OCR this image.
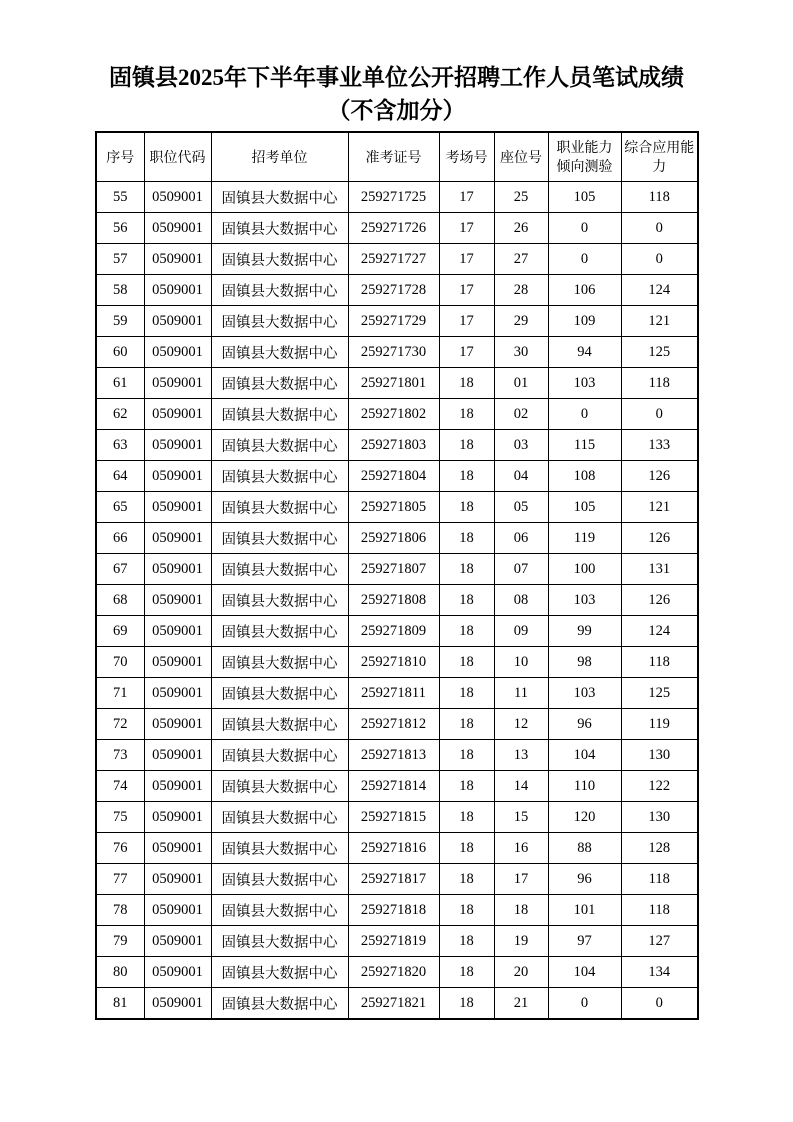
固镇县2025年下半年事业单位公开招聘工作人员笔试成绩
（不含加分）
序号	职位代码	招考单位	准考证号	考场号	座位号	职业能力倾向测验	综合应用能力
55	0509001	固镇县大数据中心	259271725	17	25	105	118
56	0509001	固镇县大数据中心	259271726	17	26	0	0
57	0509001	固镇县大数据中心	259271727	17	27	0	0
58	0509001	固镇县大数据中心	259271728	17	28	106	124
59	0509001	固镇县大数据中心	259271729	17	29	109	121
60	0509001	固镇县大数据中心	259271730	17	30	94	125
61	0509001	固镇县大数据中心	259271801	18	01	103	118
62	0509001	固镇县大数据中心	259271802	18	02	0	0
63	0509001	固镇县大数据中心	259271803	18	03	115	133
64	0509001	固镇县大数据中心	259271804	18	04	108	126
65	0509001	固镇县大数据中心	259271805	18	05	105	121
66	0509001	固镇县大数据中心	259271806	18	06	119	126
67	0509001	固镇县大数据中心	259271807	18	07	100	131
68	0509001	固镇县大数据中心	259271808	18	08	103	126
69	0509001	固镇县大数据中心	259271809	18	09	99	124
70	0509001	固镇县大数据中心	259271810	18	10	98	118
71	0509001	固镇县大数据中心	259271811	18	11	103	125
72	0509001	固镇县大数据中心	259271812	18	12	96	119
73	0509001	固镇县大数据中心	259271813	18	13	104	130
74	0509001	固镇县大数据中心	259271814	18	14	110	122
75	0509001	固镇县大数据中心	259271815	18	15	120	130
76	0509001	固镇县大数据中心	259271816	18	16	88	128
77	0509001	固镇县大数据中心	259271817	18	17	96	118
78	0509001	固镇县大数据中心	259271818	18	18	101	118
79	0509001	固镇县大数据中心	259271819	18	19	97	127
80	0509001	固镇县大数据中心	259271820	18	20	104	134
81	0509001	固镇县大数据中心	259271821	18	21	0	0
